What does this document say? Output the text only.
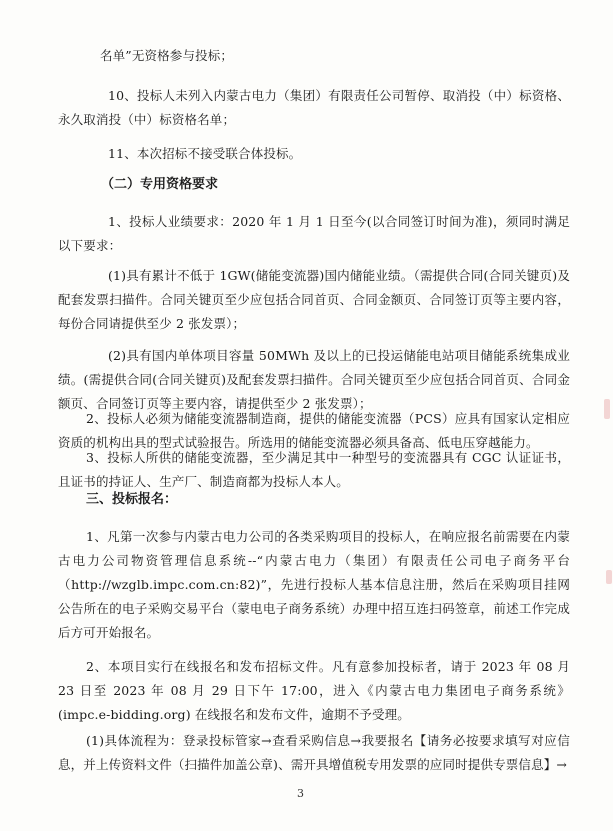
名单”无资格参与投标；
10、投标人未列入内蒙古电力（集团）有限责任公司暂停、取消投（中）标资格、永久取消投（中）标资格名单；
11、本次招标不接受联合体投标。
（二）专用资格要求
1、投标人业绩要求：2020 年 1 月 1 日至今(以合同签订时间为准)，须同时满足以下要求：
(1)具有累计不低于 1GW(储能变流器)国内储能业绩。（需提供合同(合同关键页)及配套发票扫描件。合同关键页至少应包括合同首页、合同金额页、合同签订页等主要内容，每份合同请提供至少 2 张发票）；
(2)具有国内单体项目容量 50MWh 及以上的已投运储能电站项目储能系统集成业绩。(需提供合同(合同关键页)及配套发票扫描件。合同关键页至少应包括合同首页、合同金额页、合同签订页等主要内容，请提供至少 2 张发票）；
2、投标人必须为储能变流器制造商，提供的储能变流器（PCS）应具有国家认定相应资质的机构出具的型式试验报告。所选用的储能变流器必须具备高、低电压穿越能力。
3、投标人所供的储能变流器，至少满足其中一种型号的变流器具有 CGC 认证证书，且证书的持证人、生产厂、制造商都为投标人本人。
三、投标报名：
1、凡第一次参与内蒙古电力公司的各类采购项目的投标人，在响应报名前需要在内蒙古电力公司物资管理信息系统--“内蒙古电力（集团）有限责任公司电子商务平台（http://wzglb.impc.com.cn:82)”，先进行投标人基本信息注册，然后在采购项目挂网公告所在的电子采购交易平台（蒙电电子商务系统）办理中招互连扫码签章，前述工作完成后方可开始报名。
2、本项目实行在线报名和发布招标文件。凡有意参加投标者，请于 2023 年 08 月 23 日至 2023 年 08 月 29 日下午 17:00，进入《内蒙古电力集团电子商务系统》(impc.e-bidding.org) 在线报名和发布文件，逾期不予受理。
(1)具体流程为：登录投标管家→查看采购信息→我要报名【请务必按要求填写对应信息，并上传资料文件（扫描件加盖公章)、需开具增值税专用发票的应同时提供专票信息】→
3
